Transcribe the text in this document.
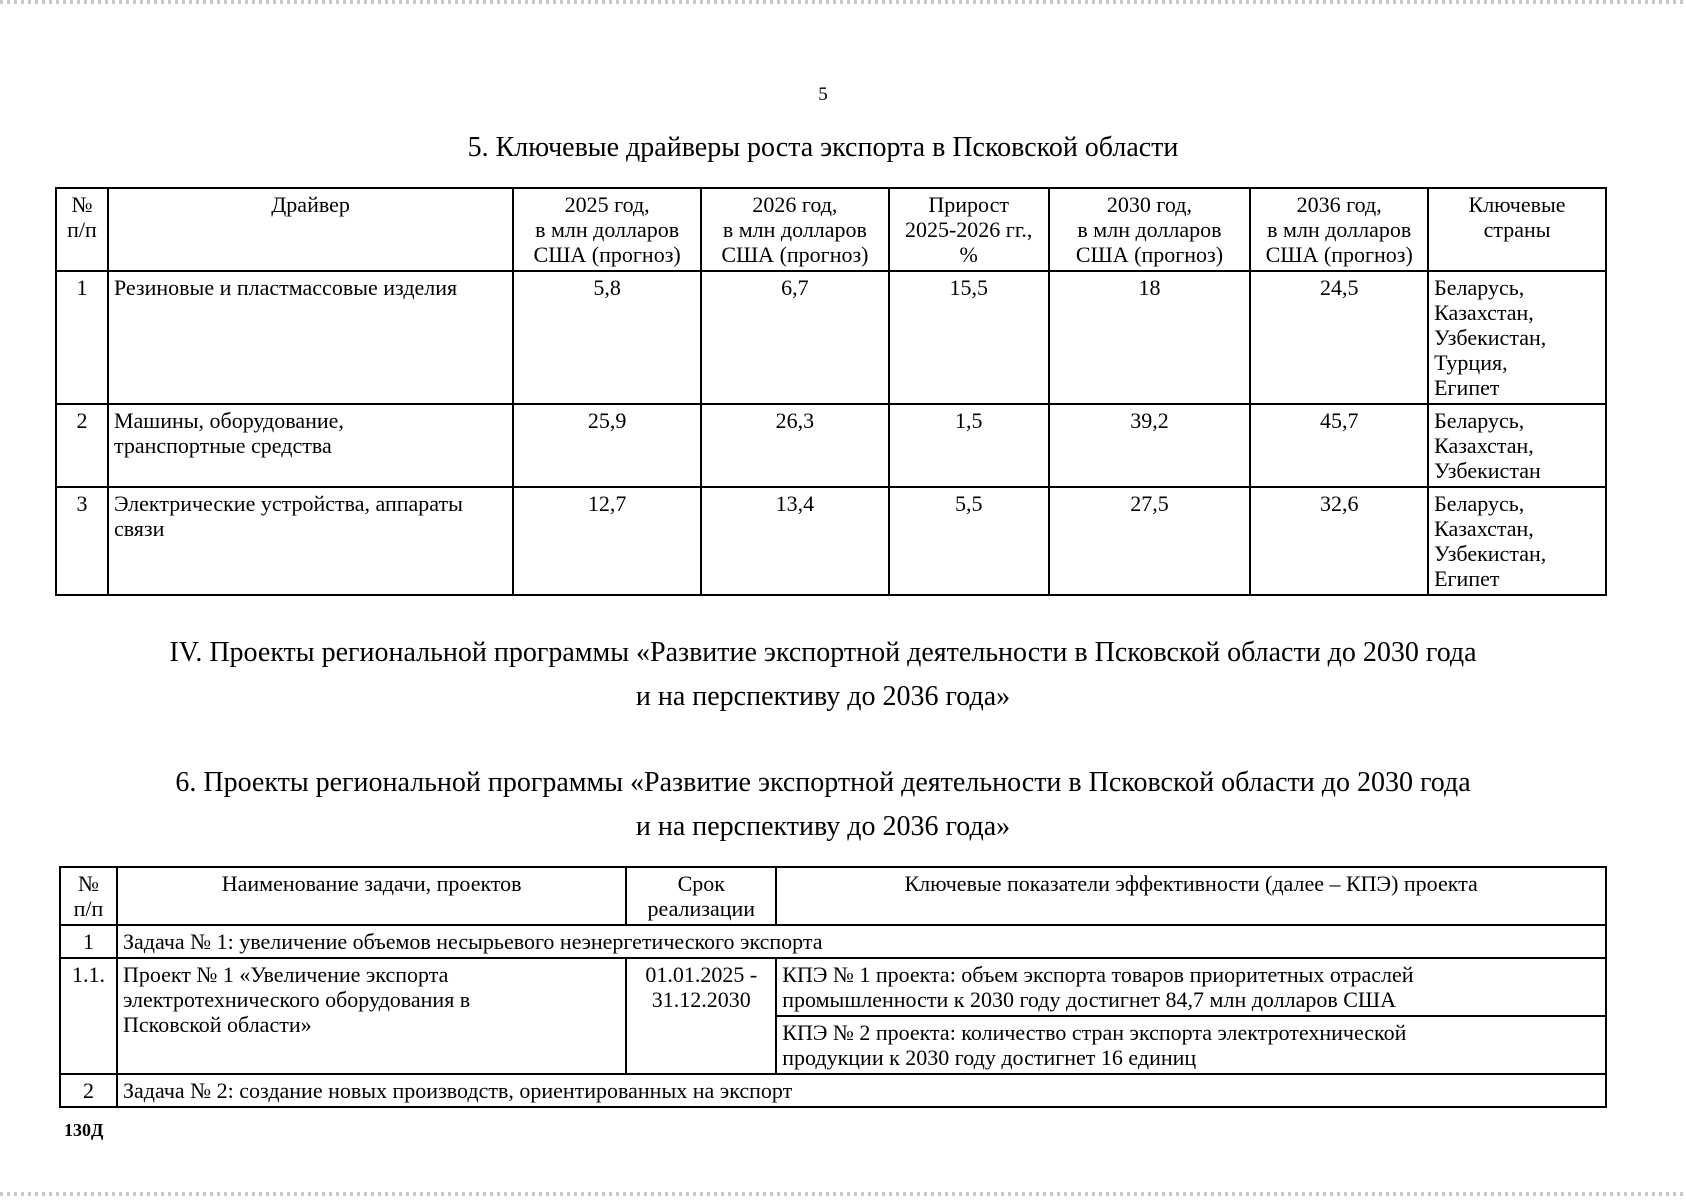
5
5. Ключевые драйверы роста экспорта в Псковской области
№
п/п	Драйвер	2025 год,
в млн долларов
США (прогноз)	2026 год,
в млн долларов
США (прогноз)	Прирост
2025-2026 гг.,
%	2030 год,
в млн долларов
США (прогноз)	2036 год,
в млн долларов
США (прогноз)	Ключевые
страны
1	Резиновые и пластмассовые изделия	5,8	6,7	15,5	18	24,5	Беларусь,
Казахстан,
Узбекистан,
Турция,
Египет
2	Машины, оборудование,
транспортные средства	25,9	26,3	1,5	39,2	45,7	Беларусь,
Казахстан,
Узбекистан
3	Электрические устройства, аппараты
связи	12,7	13,4	5,5	27,5	32,6	Беларусь,
Казахстан,
Узбекистан,
Египет
IV. Проекты региональной программы «Развитие экспортной деятельности в Псковской области до 2030 года
и на перспективу до 2036 года»
6. Проекты региональной программы «Развитие экспортной деятельности в Псковской области до 2030 года
и на перспективу до 2036 года»
№
п/п	Наименование задачи, проектов	Срок
реализации	Ключевые показатели эффективности (далее – КПЭ) проекта
1	Задача № 1: увеличение объемов несырьевого неэнергетического экспорта		
1.1.	Проект № 1 «Увеличение экспорта
электротехнического оборудования в
Псковской области»	01.01.2025 -
31.12.2030	КПЭ № 1 проекта: объем экспорта товаров приоритетных отраслей
промышленности к 2030 году достигнет 84,7 млн долларов США
			КПЭ № 2 проекта: количество стран экспорта электротехнической
продукции к 2030 году достигнет 16 единиц
2	Задача № 2: создание новых производств, ориентированных на экспорт		
130Д
